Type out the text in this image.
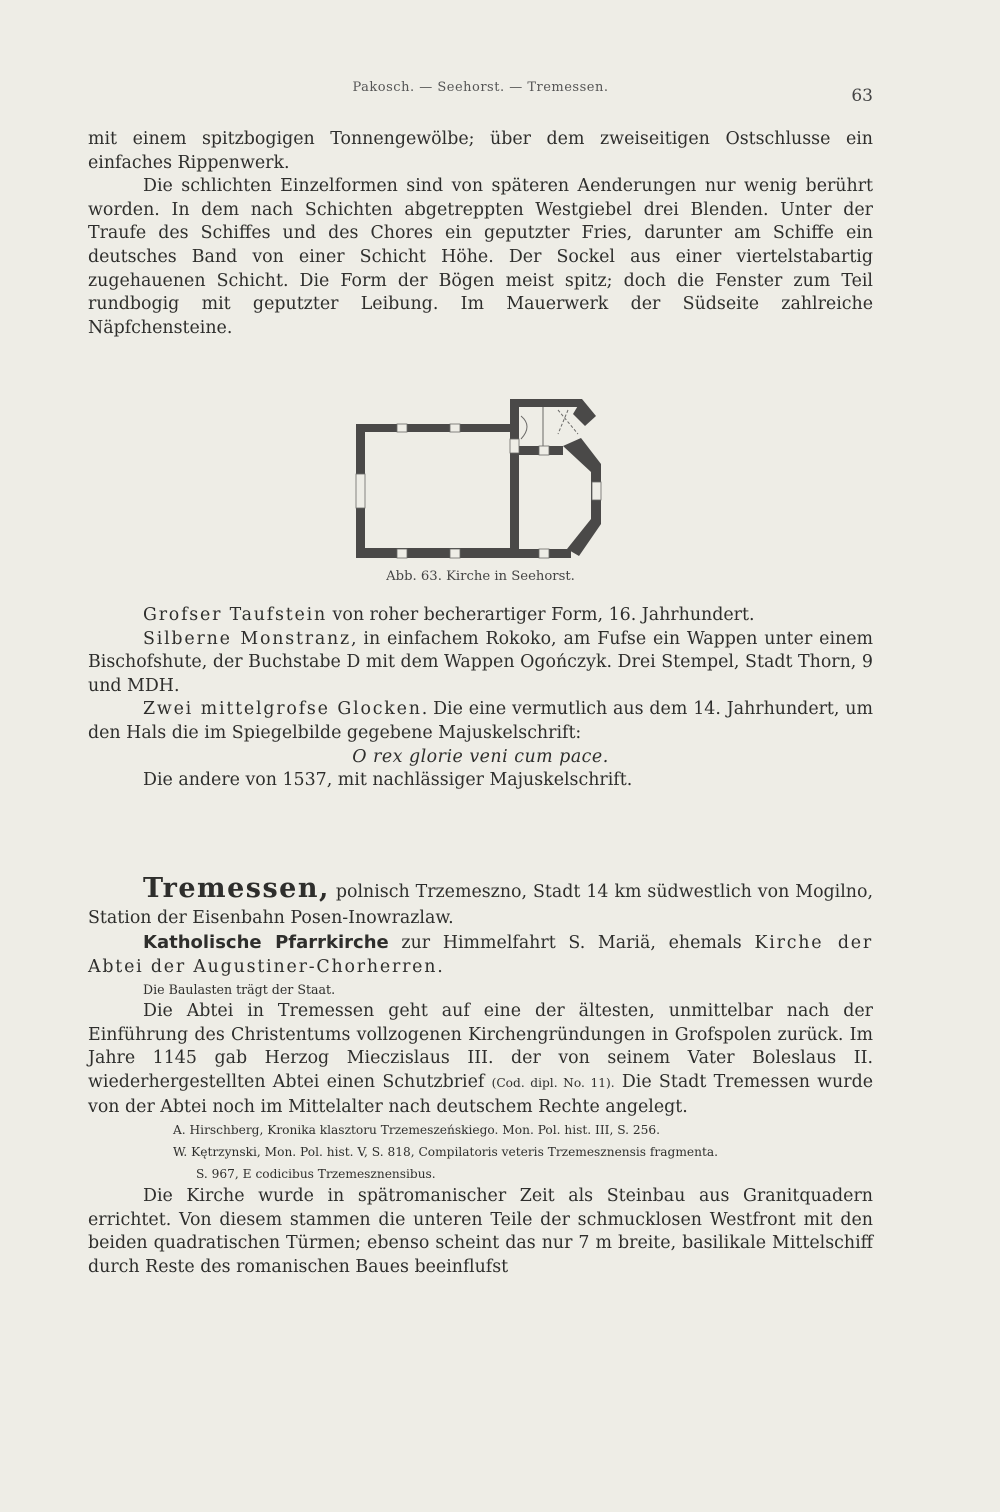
Pakosch. — Seehorst. — Tremessen.	63

mit einem spitzbogigen Tonnengewölbe; über dem zweiseitigen Ostschlusse ein einfaches Rippenwerk.

Die schlichten Einzelformen sind von späteren Aenderungen nur wenig berührt worden. In dem nach Schichten abgetreppten Westgiebel drei Blenden. Unter der Traufe des Schiffes und des Chores ein geputzter Fries, darunter am Schiffe ein deutsches Band von einer Schicht Höhe. Der Sockel aus einer viertelstabartig zugehauenen Schicht. Die Form der Bögen meist spitz; doch die Fenster zum Teil rundbogig mit geputzter Leibung. Im Mauerwerk der Südseite zahlreiche Näpfchensteine.

Abb. 63. Kirche in Seehorst.

Grofser Taufstein von roher becherartiger Form, 16. Jahrhundert.

Silberne Monstranz, in einfachem Rokoko, am Fufse ein Wappen unter einem Bischofshute, der Buchstabe D mit dem Wappen Ogończyk. Drei Stempel, Stadt Thorn, 9 und MDH.

Zwei mittelgrofse Glocken. Die eine vermutlich aus dem 14. Jahrhundert, um den Hals die im Spiegelbilde gegebene Majuskelschrift:

O rex glorie veni cum pace.

Die andere von 1537, mit nachlässiger Majuskelschrift.

Tremessen, polnisch Trzemeszno, Stadt 14 km südwestlich von Mogilno, Station der Eisenbahn Posen-Inowrazlaw.

Katholische Pfarrkirche zur Himmelfahrt S. Mariä, ehemals Kirche der Abtei der Augustiner-Chorherren.

Die Baulasten trägt der Staat.

Die Abtei in Tremessen geht auf eine der ältesten, unmittelbar nach der Einführung des Christentums vollzogenen Kirchengründungen in Grofspolen zurück. Im Jahre 1145 gab Herzog Mieczislaus III. der von seinem Vater Boleslaus II. wiederhergestellten Abtei einen Schutzbrief (Cod. dipl. No. 11). Die Stadt Tremessen wurde von der Abtei noch im Mittelalter nach deutschem Rechte angelegt.

A. Hirschberg, Kronika klasztoru Trzemeszeńskiego. Mon. Pol. hist. III, S. 256.

W. Kętrzynski, Mon. Pol. hist. V, S. 818, Compilatoris veteris Trzemesznensis fragmenta.

S. 967, E codicibus Trzemesznensibus.

Die Kirche wurde in spätromanischer Zeit als Steinbau aus Granitquadern errichtet. Von diesem stammen die unteren Teile der schmucklosen Westfront mit den beiden quadratischen Türmen; ebenso scheint das nur 7 m breite, basilikale Mittelschiff durch Reste des romanischen Baues beeinflufst
